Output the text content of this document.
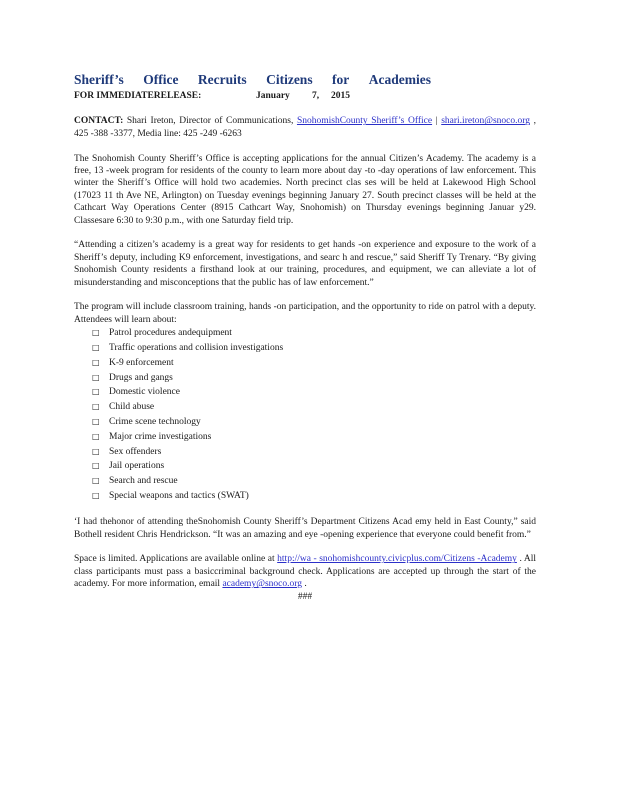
Sheriff’s Office Recruits Citizens for Academies
FOR IMMEDIATERELEASE:	January 7, 2015

CONTACT: Shari Ireton, Director of Communications, SnohomishCounty Sheriff’s Office | shari.ireton@snoco.org , 425 -388 -3377, Media line: 425 -249 -6263

The Snohomish County Sheriff’s Office is accepting applications for the annual Citizen’s Academy. The academy is a free, 13 -week program for residents of the county to learn more about day -to -day operations of law enforcement. This winter the Sheriff’s Office will hold two academies. North precinct clas ses will be held at Lakewood High School (17023 11 th Ave NE, Arlington) on Tuesday evenings beginning January 27. South precinct classes will be held at the Cathcart Way Operations Center (8915 Cathcart Way, Snohomish) on Thursday evenings beginning Januar y29. Classesare 6:30 to 9:30 p.m., with one Saturday field trip.

“Attending a citizen’s academy is a great way for residents to get hands -on experience and exposure to the work of a Sheriff’s deputy, including K9 enforcement, investigations, and searc h and rescue,” said Sheriff Ty Trenary. “By giving Snohomish County residents a firsthand look at our training, procedures, and equipment, we can alleviate a lot of misunderstanding and misconceptions that the public has of law enforcement.”

The program will include classroom training, hands -on participation, and the opportunity to ride on patrol with a deputy. Attendees will learn about:

□ Patrol procedures andequipment
□ Traffic operations and collision investigations
□ K-9 enforcement
□ Drugs and gangs
□ Domestic violence
□ Child abuse
□ Crime scene technology
□ Major crime investigations
□ Sex offenders
□ Jail operations
□ Search and rescue
□ Special weapons and tactics (SWAT)

‘I had thehonor of attending theSnohomish County Sheriff’s Department Citizens Acad emy held in East County,” said Bothell resident Chris Hendrickson. “It was an amazing and eye -opening experience that everyone could benefit from.”

Space is limited. Applications are available online at http://wa - snohomishcounty.civicplus.com/Citizens -Academy . All class participants must pass a basiccriminal background check. Applications are accepted up through the start of the academy. For more information, email academy@snoco.org .

###
